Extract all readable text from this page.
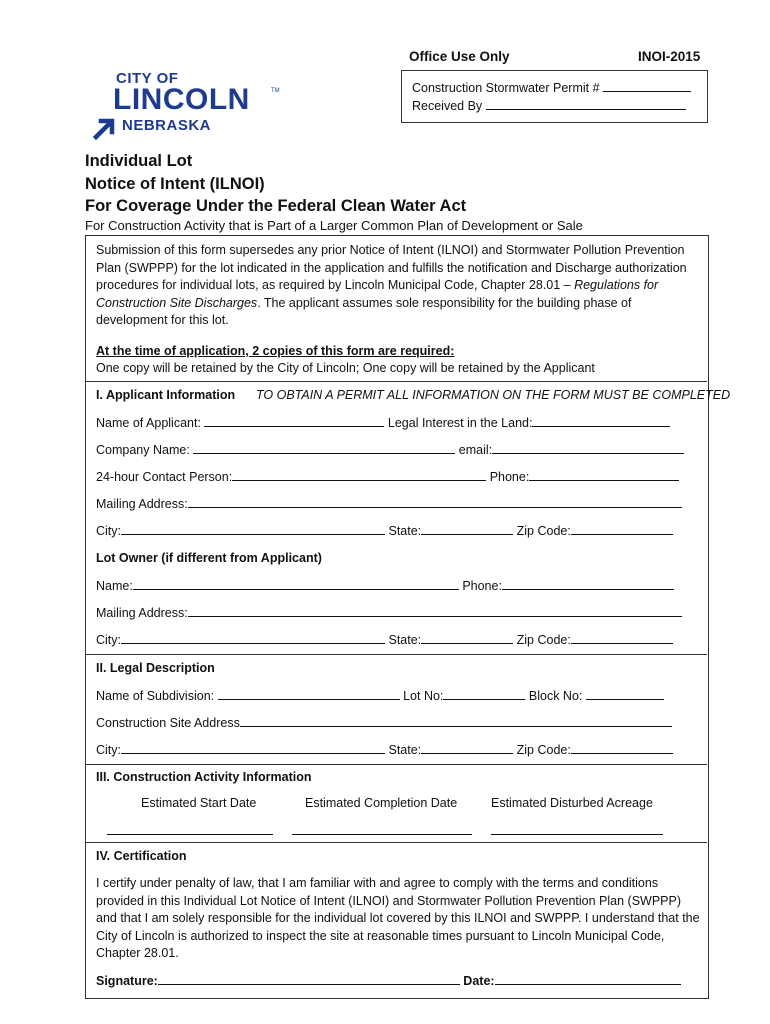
Office Use Only	INOI-2015
Construction Stormwater Permit #
Received By
CITY OF
LINCOLN	TM
NEBRASKA
Individual Lot
Notice of Intent (ILNOI)
For Coverage Under the Federal Clean Water Act
For Construction Activity that is Part of a Larger Common Plan of Development or Sale
Submission of this form supersedes any prior Notice of Intent (ILNOI) and Stormwater Pollution Prevention Plan (SWPPP) for the lot indicated in the application and fulfills the notification and Discharge authorization procedures for individual lots, as required by Lincoln Municipal Code, Chapter 28.01 – Regulations for Construction Site Discharges. The applicant assumes sole responsibility for the building phase of development for this lot.
At the time of application, 2 copies of this form are required:
One copy will be retained by the City of Lincoln; One copy will be retained by the Applicant
I. Applicant Information TO OBTAIN A PERMIT ALL INFORMATION ON THE FORM MUST BE COMPLETED
Name of Applicant:	Legal Interest in the Land:
Company Name:	email:
24-hour Contact Person:	Phone:
Mailing Address:
City:	State:	Zip Code:
Lot Owner (if different from Applicant)
Name:	Phone:
Mailing Address:
City:	State:	Zip Code:
II. Legal Description
Name of Subdivision:	Lot No:	Block No:
Construction Site Address
City:	State:	Zip Code:
III. Construction Activity Information
Estimated Start Date	Estimated Completion Date	Estimated Disturbed Acreage
IV. Certification
I certify under penalty of law, that I am familiar with and agree to comply with the terms and conditions provided in this Individual Lot Notice of Intent (ILNOI) and Stormwater Pollution Prevention Plan (SWPPP) and that I am solely responsible for the individual lot covered by this ILNOI and SWPPP. I understand that the City of Lincoln is authorized to inspect the site at reasonable times pursuant to Lincoln Municipal Code, Chapter 28.01.
Signature:	Date:
